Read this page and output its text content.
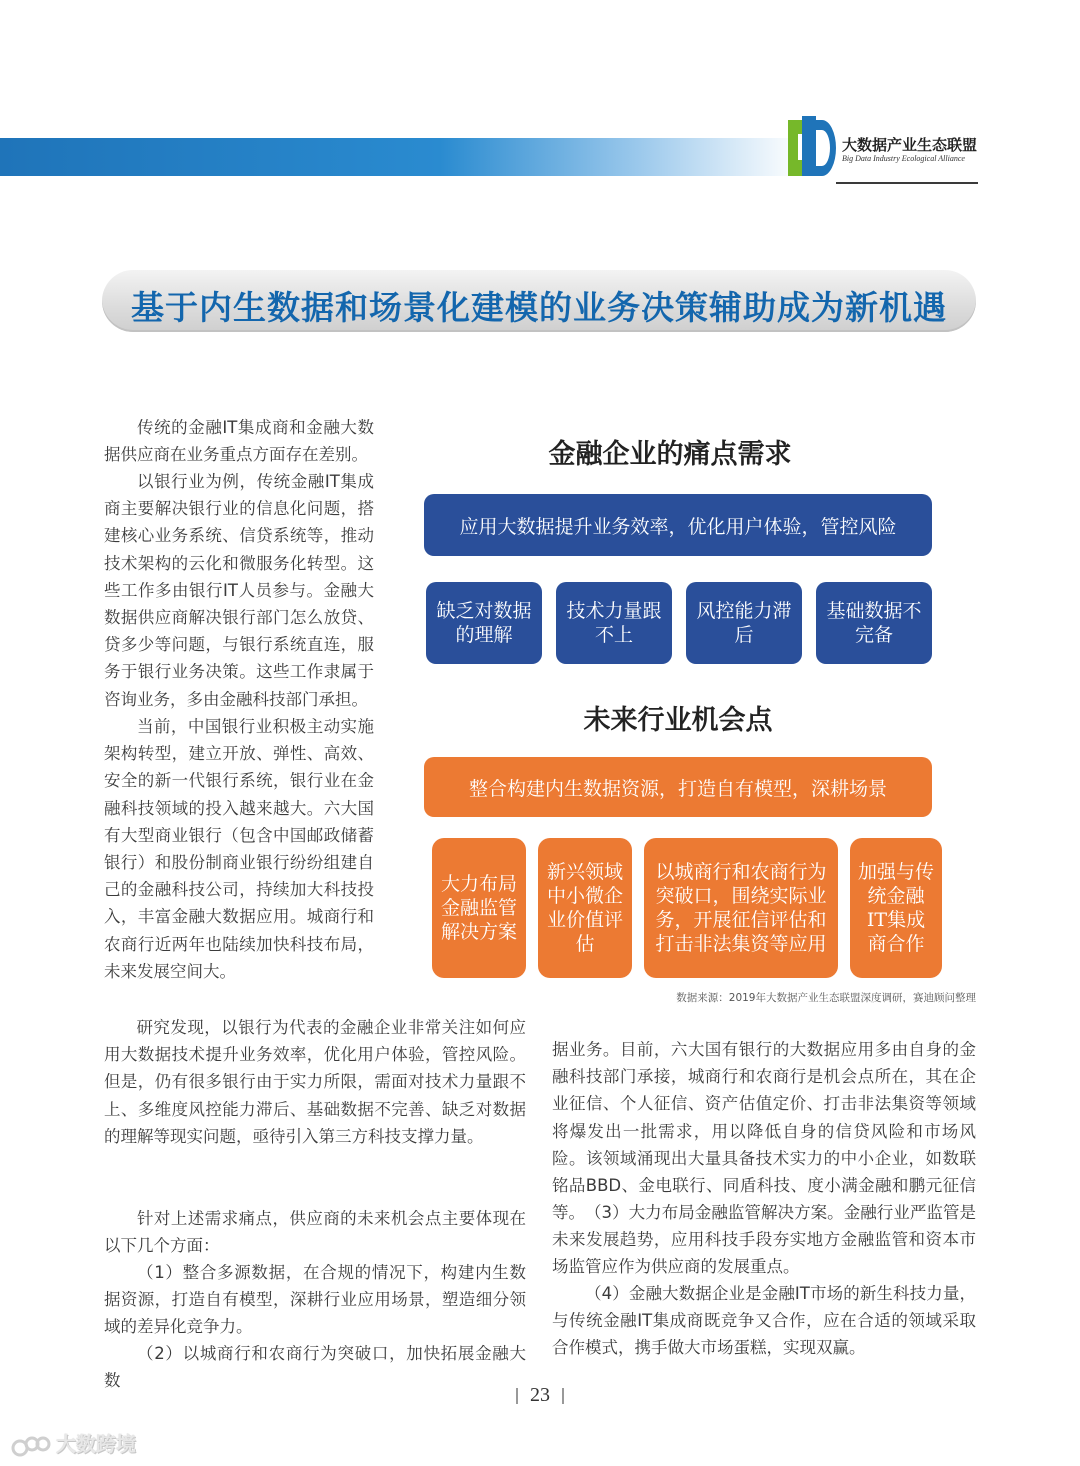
大数据产业生态联盟
Big Data Industry Ecological Alliance
基于内生数据和场景化建模的业务决策辅助成为新机遇

传统的金融IT集成商和金融大数据供应商在业务重点方面存在差别。

以银行业为例，传统金融IT集成商主要解决银行业的信息化问题，搭建核心业务系统、信贷系统等，推动技术架构的云化和微服务化转型。这些工作多由银行IT人员参与。金融大数据供应商解决银行部门怎么放贷、贷多少等问题，与银行系统直连，服务于银行业务决策。这些工作隶属于咨询业务，多由金融科技部门承担。

当前，中国银行业积极主动实施架构转型，建立开放、弹性、高效、安全的新一代银行系统，银行业在金融科技领域的投入越来越大。六大国有大型商业银行（包含中国邮政储蓄银行）和股份制商业银行纷纷组建自己的金融科技公司，持续加大科技投入，丰富金融大数据应用。城商行和农商行近两年也陆续加快科技布局，未来发展空间大。

金融企业的痛点需求
应用大数据提升业务效率，优化用户体验，管控风险
缺乏对数据的理解
技术力量跟不上
风控能力滞后
基础数据不完备
未来行业机会点
整合构建内生数据资源，打造自有模型，深耕场景
大力布局金融监管解决方案
新兴领域中小微企业价值评估
以城商行和农商行为突破口，围绕实际业务，开展征信评估和打击非法集资等应用
加强与传统金融IT集成商合作
数据来源：2019年大数据产业生态联盟深度调研，赛迪顾问整理

研究发现，以银行为代表的金融企业非常关注如何应用大数据技术提升业务效率，优化用户体验，管控风险。但是，仍有很多银行由于实力所限，需面对技术力量跟不上、多维度风控能力滞后、基础数据不完善、缺乏对数据的理解等现实问题，亟待引入第三方科技支撑力量。

针对上述需求痛点，供应商的未来机会点主要体现在以下几个方面：

（1）整合多源数据，在合规的情况下，构建内生数据资源，打造自有模型，深耕行业应用场景，塑造细分领域的差异化竞争力。

（2）以城商行和农商行为突破口，加快拓展金融大数

据业务。目前，六大国有银行的大数据应用多由自身的金融科技部门承接，城商行和农商行是机会点所在，其在企业征信、个人征信、资产估值定价、打击非法集资等领域将爆发出一批需求，用以降低自身的信贷风险和市场风险。该领域涌现出大量具备技术实力的中小企业，如数联铭品BBD、金电联行、同盾科技、度小满金融和鹏元征信等。 （3）大力布局金融监管解决方案。金融行业严监管是未来发展趋势，应用科技手段夯实地方金融监管和资本市场监管应作为供应商的发展重点。

（4）金融大数据企业是金融IT市场的新生科技力量，与传统金融IT集成商既竞争又合作，应在合适的领域采取合作模式，携手做大市场蛋糕，实现双赢。

23
大数跨境
